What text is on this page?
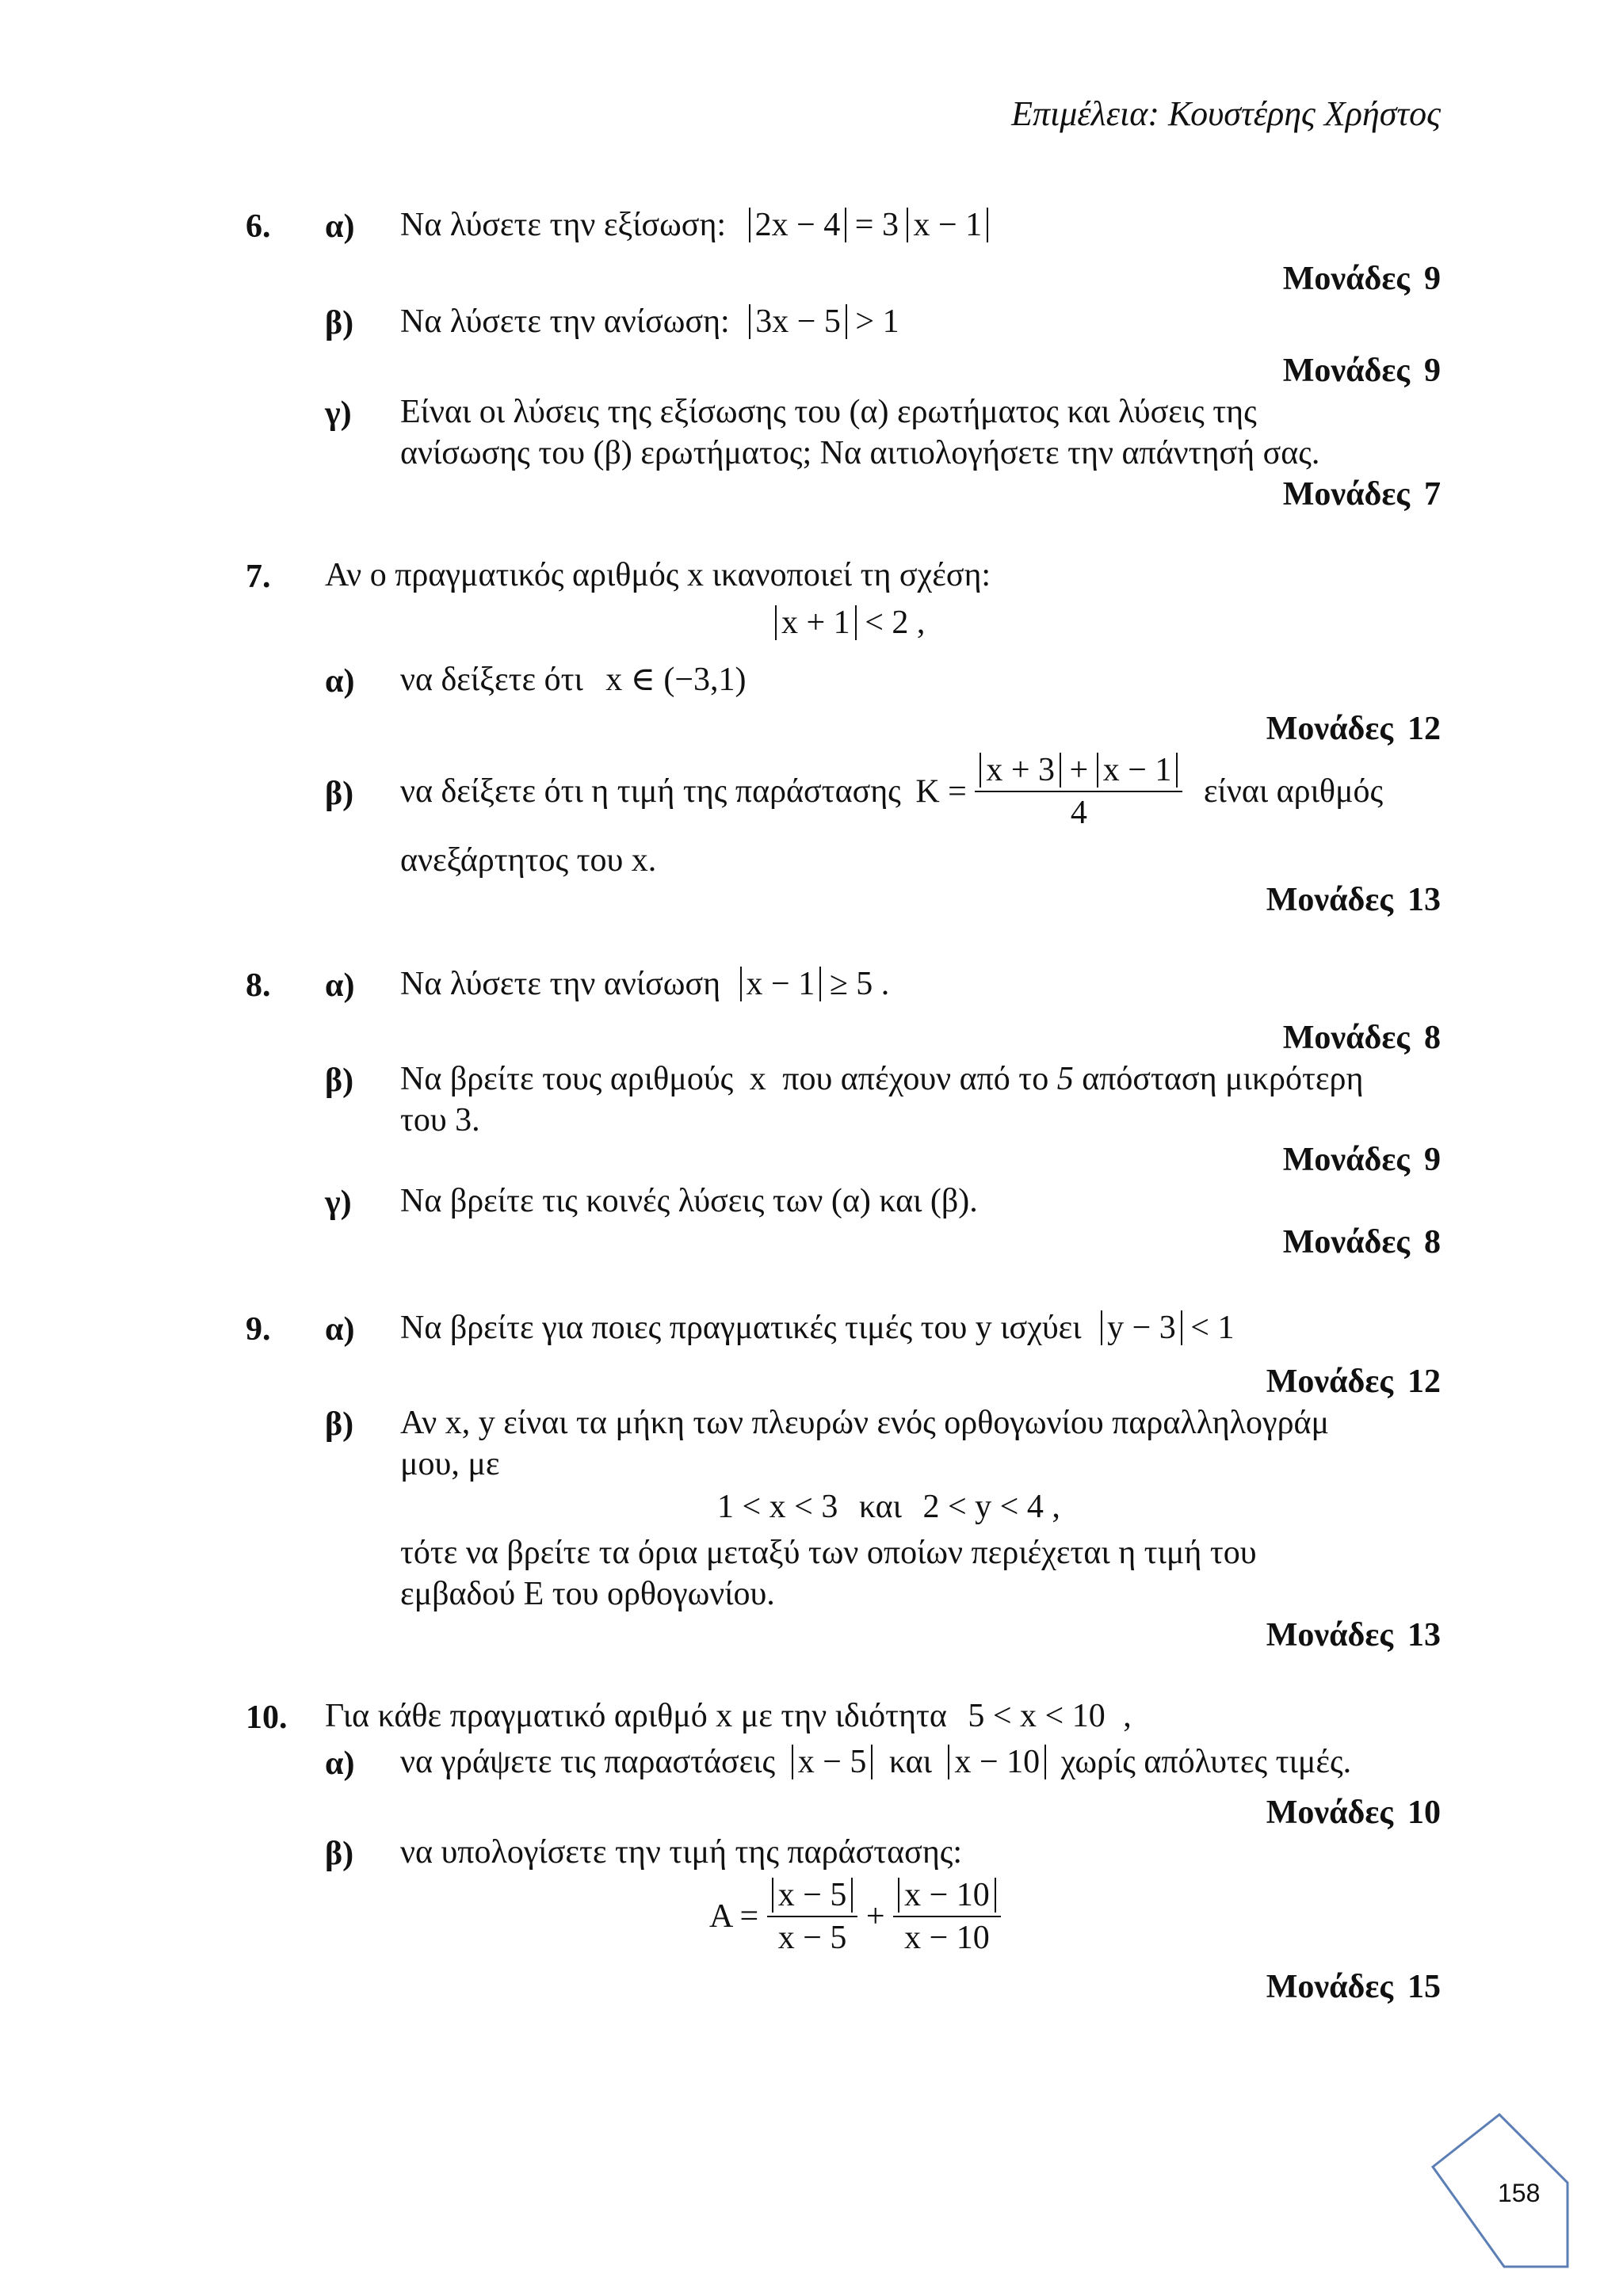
Επιμέλεια: Κουστέρης Χρήστος
6. α) Να λύσετε την εξίσωση: 2x − 4 = 3 x − 1
Μονάδες 9
β) Να λύσετε την ανίσωση: 3x − 5 > 1
Μονάδες 9
γ) Είναι οι λύσεις της εξίσωσης του (α) ερωτήματος και λύσεις της
ανίσωσης του (β) ερωτήματος; Να αιτιολογήσετε την απάντησή σας.
Μονάδες 7
7. Αν ο πραγματικός αριθμός x ικανοποιεί τη σχέση:
x + 1 < 2 ,
α) να δείξετε ότι x ∈ (−3,1)
Μονάδες 12
β) να δείξετε ότι η τιμή της παράστασης $K = \frac{x + 3 + x - 1}{4}$ είναι αριθμός
ανεξάρτητος του x.
Μονάδες 13
8. α) Να λύσετε την ανίσωση x − 1 ≥ 5 .
Μονάδες 8
β) Να βρείτε τους αριθμούς x που απέχουν από το 5 απόσταση μικρότερη
του 3.
Μονάδες 9
γ) Να βρείτε τις κοινές λύσεις των (α) και (β).
Μονάδες 8
9. α) Να βρείτε για ποιες πραγματικές τιμές του y ισχύει y − 3 < 1
Μονάδες 12
β) Αν x, y είναι τα μήκη των πλευρών ενός ορθογωνίου παραλληλογράμ
μου, με
1 < x < 3 και 2 < y < 4 ,
τότε να βρείτε τα όρια μεταξύ των οποίων περιέχεται η τιμή του
εμβαδού Ε του ορθογωνίου.
Μονάδες 13
10. Για κάθε πραγματικό αριθμό x με την ιδιότητα 5 < x < 10 ,
α) να γράψετε τις παραστάσεις x − 5 και x − 10 χωρίς απόλυτες τιμές.
Μονάδες 10
β) να υπολογίσετε την τιμή της παράστασης:
$A = \frac{x - 5}{x - 5} + \frac{x - 10}{x - 10}$
Μονάδες 15
158
